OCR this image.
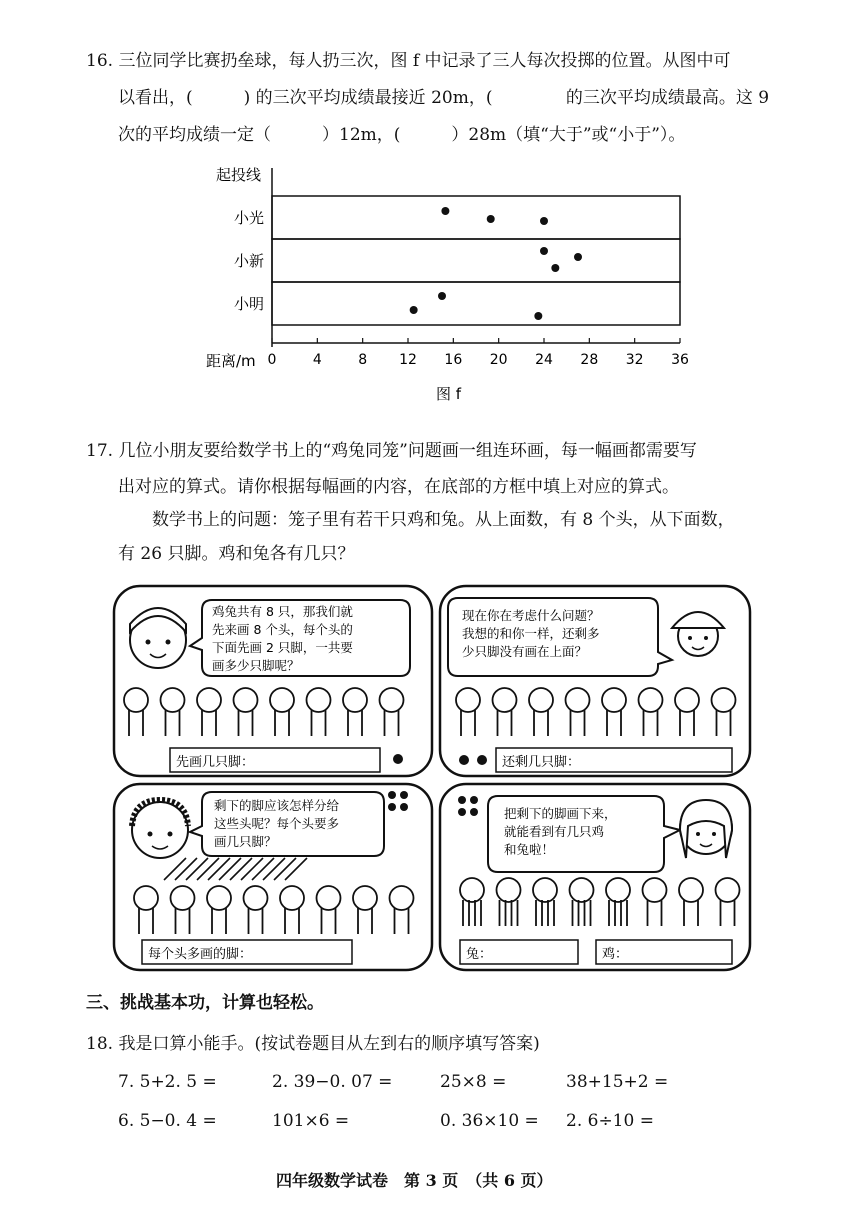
16. 三位同学比赛扔垒球，每人扔三次，图 f 中记录了三人每次投掷的位置。从图中可
以看出，(　　　) 的三次平均成绩最接近 20m，(　　　　 的三次平均成绩最高。这 9
次的平均成绩一定（　　　）12m，(　　　）28m（填“大于”或“小于”）。
起投线
小光
小新
小明
距离/m 0	4	8 12 16 20 24 28 32 36
图 f
17. 几位小朋友要给数学书上的“鸡兔同笼”问题画一组连环画，每一幅画都需要写
出对应的算式。请你根据每幅画的内容，在底部的方框中填上对应的算式。
数学书上的问题：笼子里有若干只鸡和兔。从上面数，有 8 个头，从下面数，
有 26 只脚。鸡和兔各有几只？
先画几只脚：	还剩几只脚：
每个头多画的脚：	兔：	鸡：
鸡兔共有 8 只，那我们就
先来画 8 个头，每个头的
下面先画 2 只脚，一共要
画多少只脚呢？
现在你在考虑什么问题？
我想的和你一样，还剩多
少只脚没有画在上面？
剩下的脚应该怎样分给
这些头呢？每个头要多
画几只脚？
把剩下的脚画下来，
就能看到有几只鸡
和兔啦！
三、挑战基本功，计算也轻松。
18. 我是口算小能手。(按试卷题目从左到右的顺序填写答案)
7. 5+2. 5 =	2. 39−0. 07 =	25×8 =	38+15+2 =
6. 5−0. 4 =	101×6 =	0. 36×10 = 2. 6÷10 =
四年级数学试卷　第 3 页　（共 6 页）
